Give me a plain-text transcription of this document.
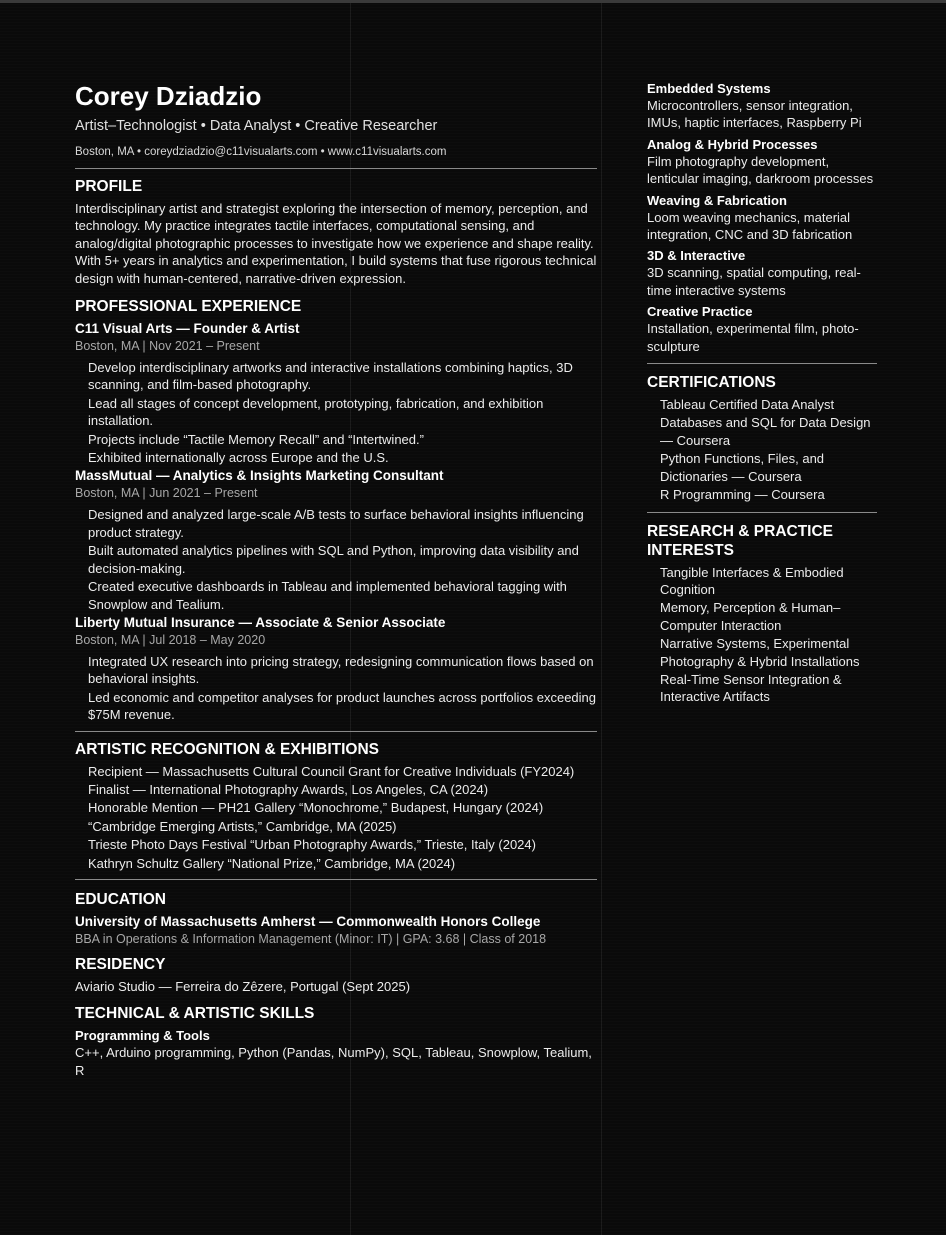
Corey Dziadzio
Artist–Technologist • Data Analyst • Creative Researcher
Boston, MA • coreydziadzio@c11visualarts.com • www.c11visualarts.com
PROFILE
Interdisciplinary artist and strategist exploring the intersection of memory, perception, and technology. My practice integrates tactile interfaces, computational sensing, and analog/digital photographic processes to investigate how we experience and shape reality. With 5+ years in analytics and experimentation, I build systems that fuse rigorous technical design with human-centered, narrative-driven expression.
PROFESSIONAL EXPERIENCE
C11 Visual Arts — Founder & Artist
Boston, MA | Nov 2021 – Present
Develop interdisciplinary artworks and interactive installations combining haptics, 3D scanning, and film-based photography.
Lead all stages of concept development, prototyping, fabrication, and exhibition installation.
Projects include “Tactile Memory Recall” and “Intertwined.”
Exhibited internationally across Europe and the U.S.
MassMutual — Analytics & Insights Marketing Consultant
Boston, MA | Jun 2021 – Present
Designed and analyzed large-scale A/B tests to surface behavioral insights influencing product strategy.
Built automated analytics pipelines with SQL and Python, improving data visibility and decision-making.
Created executive dashboards in Tableau and implemented behavioral tagging with Snowplow and Tealium.
Liberty Mutual Insurance — Associate & Senior Associate
Boston, MA | Jul 2018 – May 2020
Integrated UX research into pricing strategy, redesigning communication flows based on behavioral insights.
Led economic and competitor analyses for product launches across portfolios exceeding $75M revenue.
ARTISTIC RECOGNITION & EXHIBITIONS
Recipient — Massachusetts Cultural Council Grant for Creative Individuals (FY2024)
Finalist — International Photography Awards, Los Angeles, CA (2024)
Honorable Mention — PH21 Gallery “Monochrome,” Budapest, Hungary (2024)
“Cambridge Emerging Artists,” Cambridge, MA (2025)
Trieste Photo Days Festival “Urban Photography Awards,” Trieste, Italy (2024)
Kathryn Schultz Gallery “National Prize,” Cambridge, MA (2024)
EDUCATION
University of Massachusetts Amherst — Commonwealth Honors College
BBA in Operations & Information Management (Minor: IT) | GPA: 3.68 | Class of 2018
RESIDENCY
Aviario Studio — Ferreira do Zêzere, Portugal (Sept 2025)
TECHNICAL & ARTISTIC SKILLS
Programming & Tools
C++, Arduino programming, Python (Pandas, NumPy), SQL, Tableau, Snowplow, Tealium, R
Embedded Systems
Microcontrollers, sensor integration, IMUs, haptic interfaces, Raspberry Pi
Analog & Hybrid Processes
Film photography development, lenticular imaging, darkroom processes
Weaving & Fabrication
Loom weaving mechanics, material integration, CNC and 3D fabrication
3D & Interactive
3D scanning, spatial computing, real-time interactive systems
Creative Practice
Installation, experimental film, photo-sculpture
CERTIFICATIONS
Tableau Certified Data Analyst
Databases and SQL for Data Design — Coursera
Python Functions, Files, and Dictionaries — Coursera
R Programming — Coursera
RESEARCH & PRACTICE INTERESTS
Tangible Interfaces & Embodied Cognition
Memory, Perception & Human–Computer Interaction
Narrative Systems, Experimental Photography & Hybrid Installations
Real-Time Sensor Integration & Interactive Artifacts
